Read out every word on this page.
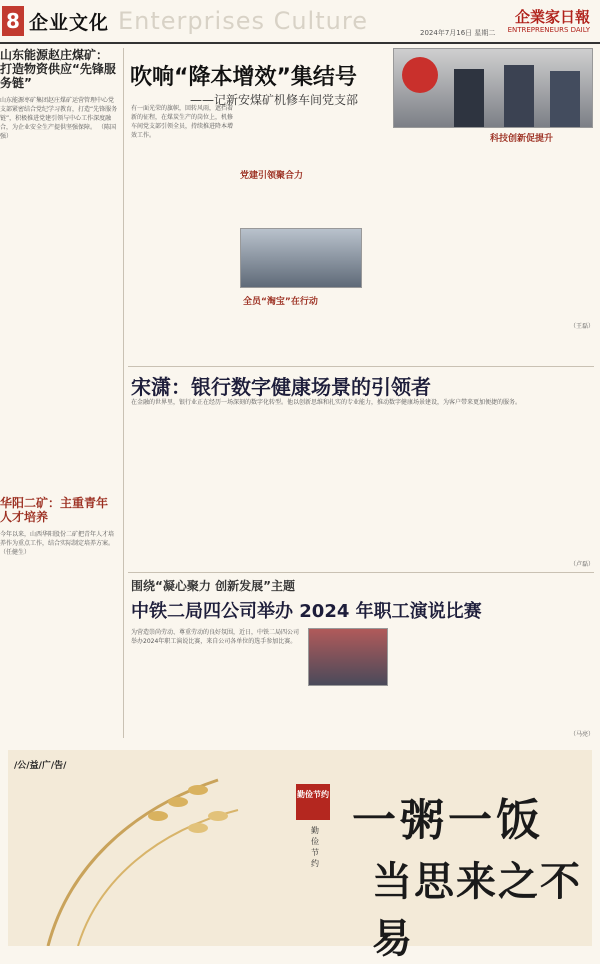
8 企业文化 Enterprises Culture	2024年7月16日 星期二
企業家日報
ENTREPRENEURS DAILY
山东能源赵庄煤矿：打造物资供应“先锋服务链”
山东能源枣矿集团赵庄煤矿运营管理中心党支部紧密结合党纪学习教育，打造“先锋服务链”，积极推进党建引领与中心工作深度融合，为企业安全生产提供坚强保障。 （陈国强）
华阳二矿：主重青年人才培养
今年以来，山西华阳股份二矿把青年人才培养作为重点工作，结合实际制定培养方案。 （任健生）
吹响“降本增效”集结号
——记新安煤矿机修车间党支部
有一面光荣的旗帜，回转风雨，遮挡着新的征程，在煤炭生产的岗位上，机修车间党支部引领全员，持续推进降本增效工作。
党建引领聚合力
全员“淘宝”在行动
科技创新促提升
（王磊）
宋潇：银行数字健康场景的引领者
在金融的世界里，银行业正在经历一场深刻的数字化转型。他以创新思维和扎实的专业能力，推动数字健康场景建设，为客户带来更加便捷的服务。
（卢磊）
围绕“凝心聚力 创新发展”主题
中铁二局四公司举办 2024 年职工演说比赛
为营造崇尚劳动、尊重劳动的良好氛围，近日，中铁二局四公司举办2024年职工演说比赛，来自公司各单位的选手参加比赛。
（马亮）
/公/益/广/告/
一粥一饭
当思来之不易
勤俭节约
勤俭节约
